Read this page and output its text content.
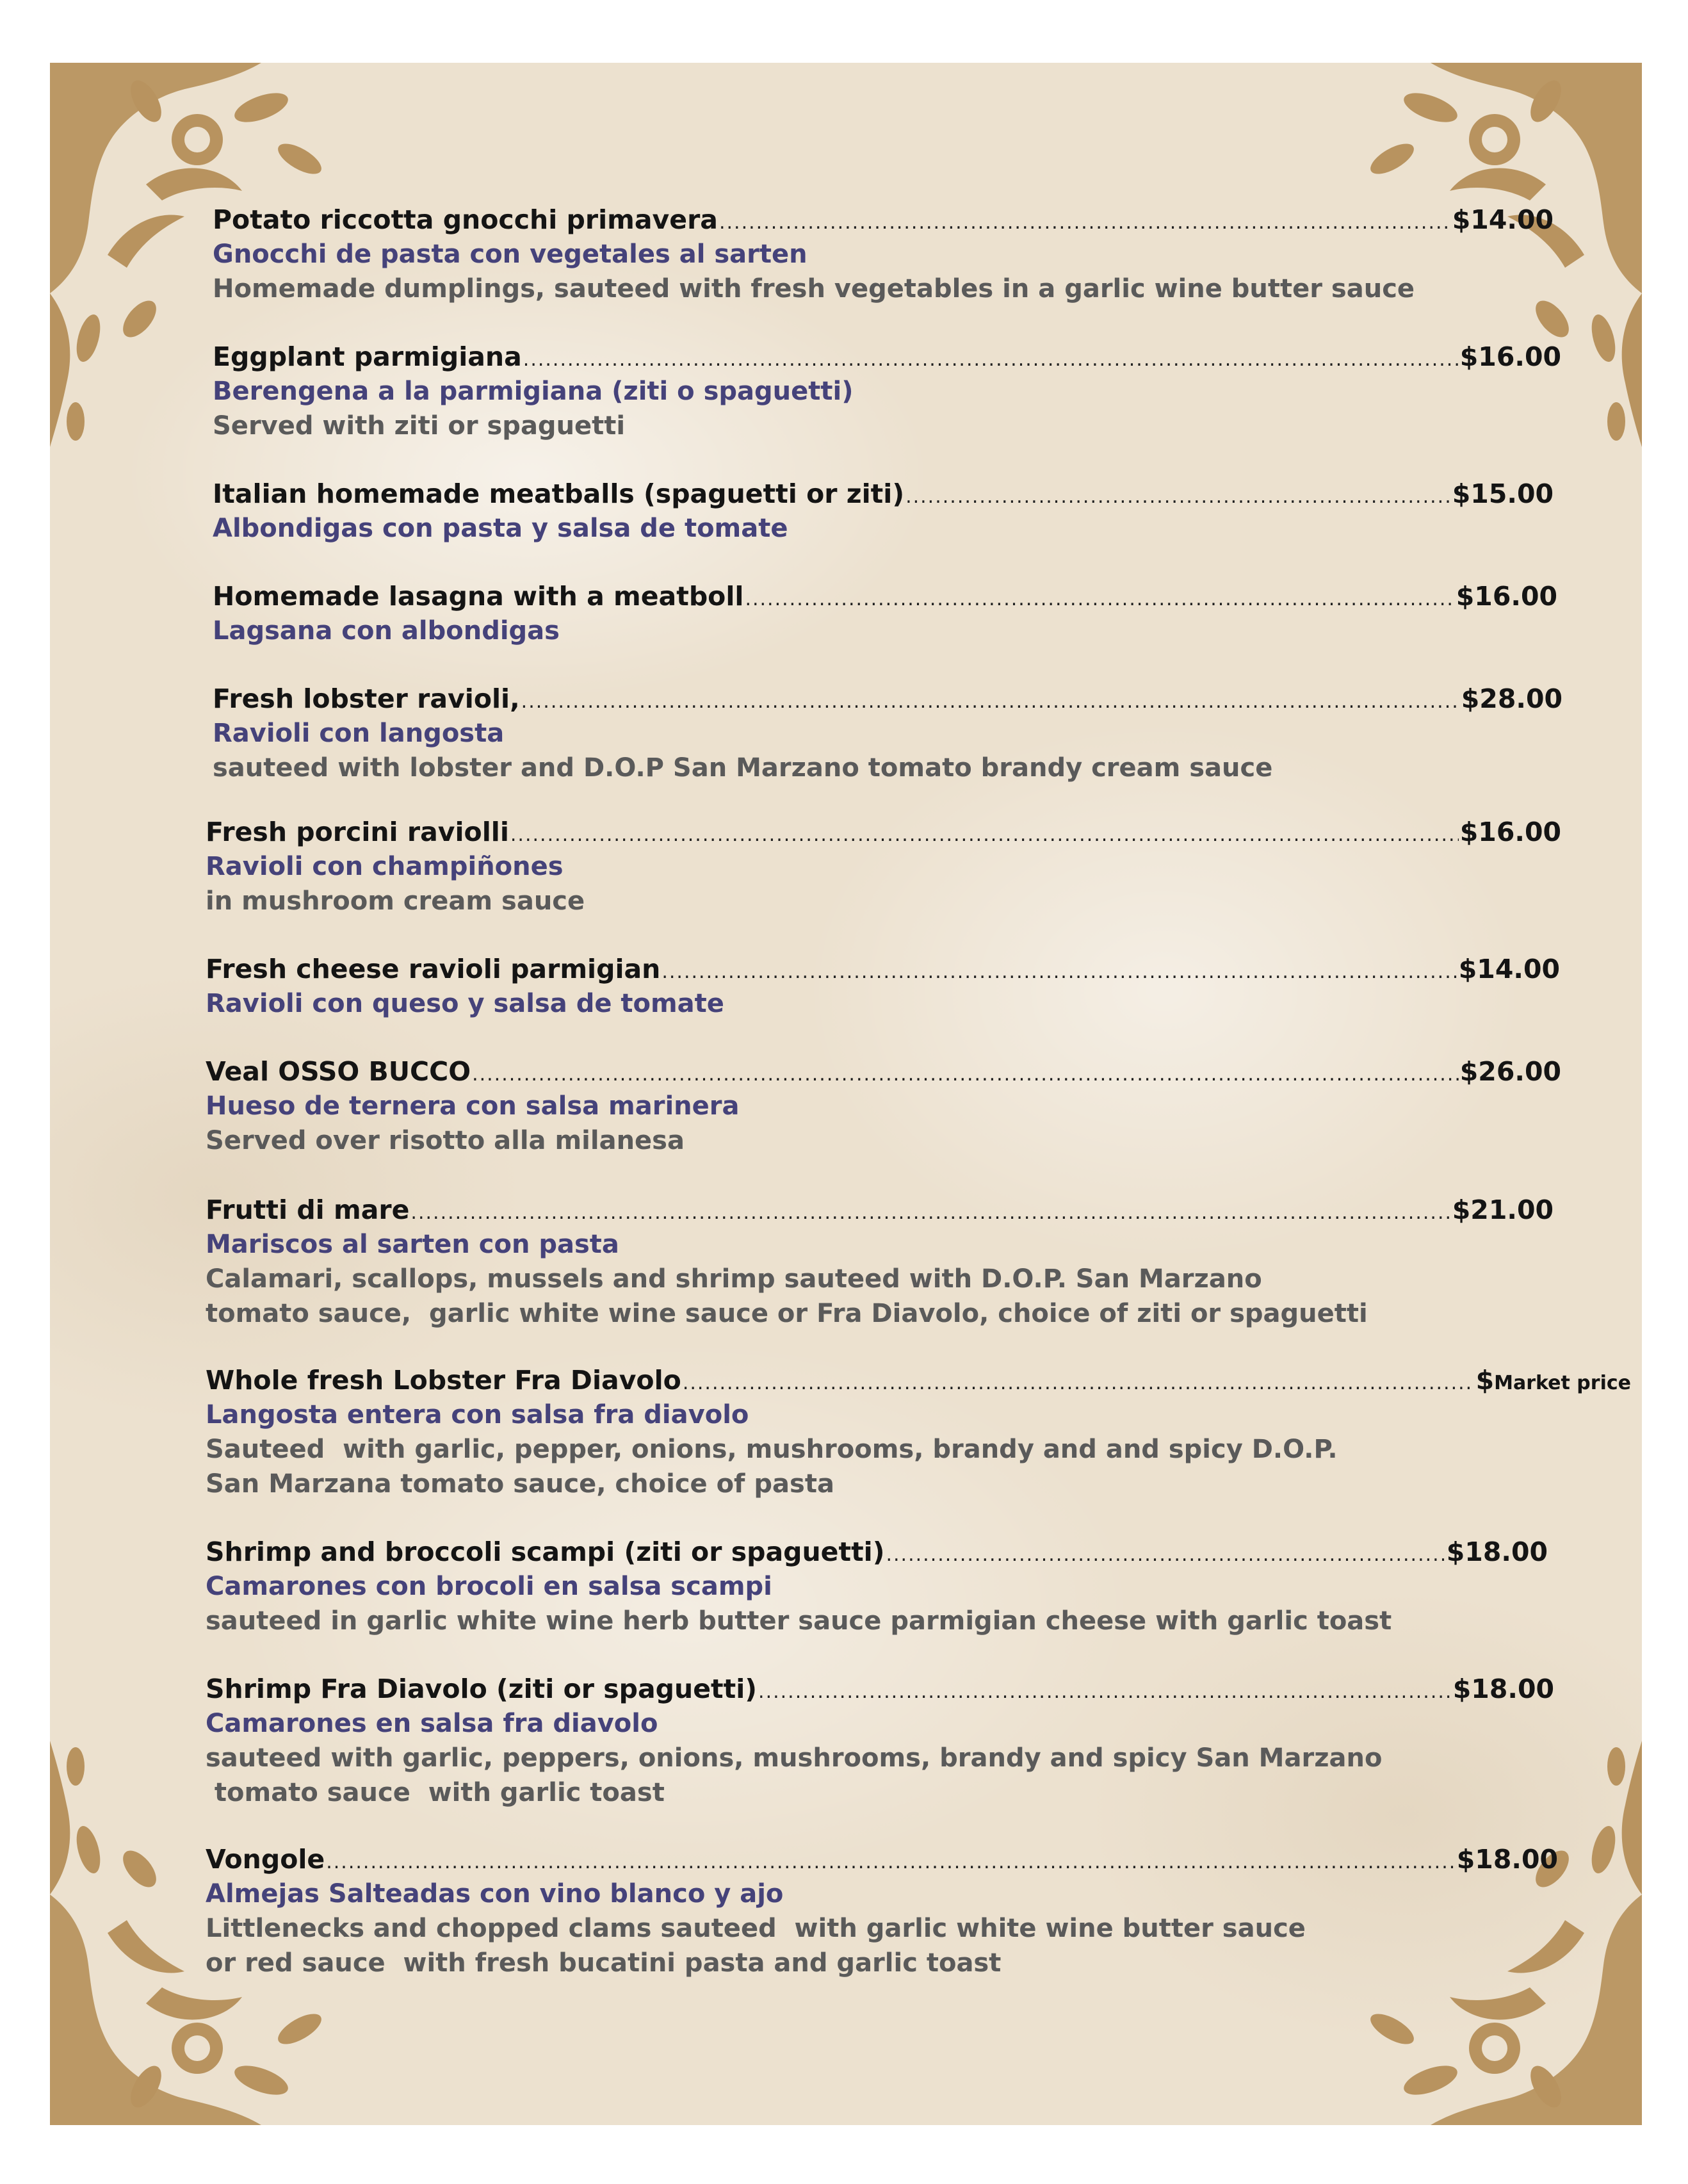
Potato riccotta gnocchi primavera .....	$14.00
Gnocchi de pasta con vegetales al sarten
Homemade dumplings, sauteed with fresh vegetables in a garlic wine butter sauce
Eggplant parmigiana .....	$16.00
Berengena a la parmigiana (ziti o spaguetti)
Served with ziti or spaguetti
Italian homemade meatballs (spaguetti or ziti) .....	$15.00
Albondigas con pasta y salsa de tomate
Homemade lasagna with a meatboll .....	$16.00
Lagsana con albondigas
Fresh lobster ravioli, .....	$28.00
Ravioli con langosta
sauteed with lobster and D.O.P San Marzano tomato brandy cream sauce
Fresh porcini raviolli .....	$16.00
Ravioli con champiñones
in mushroom cream sauce
Fresh cheese ravioli parmigian .....	$14.00
Ravioli con queso y salsa de tomate
Veal OSSO BUCCO .....	$26.00
Hueso de ternera con salsa marinera
Served over risotto alla milanesa
Frutti di mare .....	$21.00
Mariscos al sarten con pasta
Calamari, scallops, mussels and shrimp sauteed with D.O.P. San Marzano
tomato sauce,  garlic white wine sauce or Fra Diavolo, choice of ziti or spaguetti
Whole fresh Lobster Fra Diavolo .....	$Market price
Langosta entera con salsa fra diavolo
Sauteed  with garlic, pepper, onions, mushrooms, brandy and and spicy D.O.P.
San Marzana tomato sauce, choice of pasta
Shrimp and broccoli scampi (ziti or spaguetti) .....	$18.00
Camarones con brocoli en salsa scampi
sauteed in garlic white wine herb butter sauce parmigian cheese with garlic toast
Shrimp Fra Diavolo (ziti or spaguetti) .....	$18.00
Camarones en salsa fra diavolo
sauteed with garlic, peppers, onions, mushrooms, brandy and spicy San Marzano
tomato sauce  with garlic toast
Vongole .....	$18.00
Almejas Salteadas con vino blanco y ajo
Littlenecks and chopped clams sauteed  with garlic white wine butter sauce
or red sauce  with fresh bucatini pasta and garlic toast
